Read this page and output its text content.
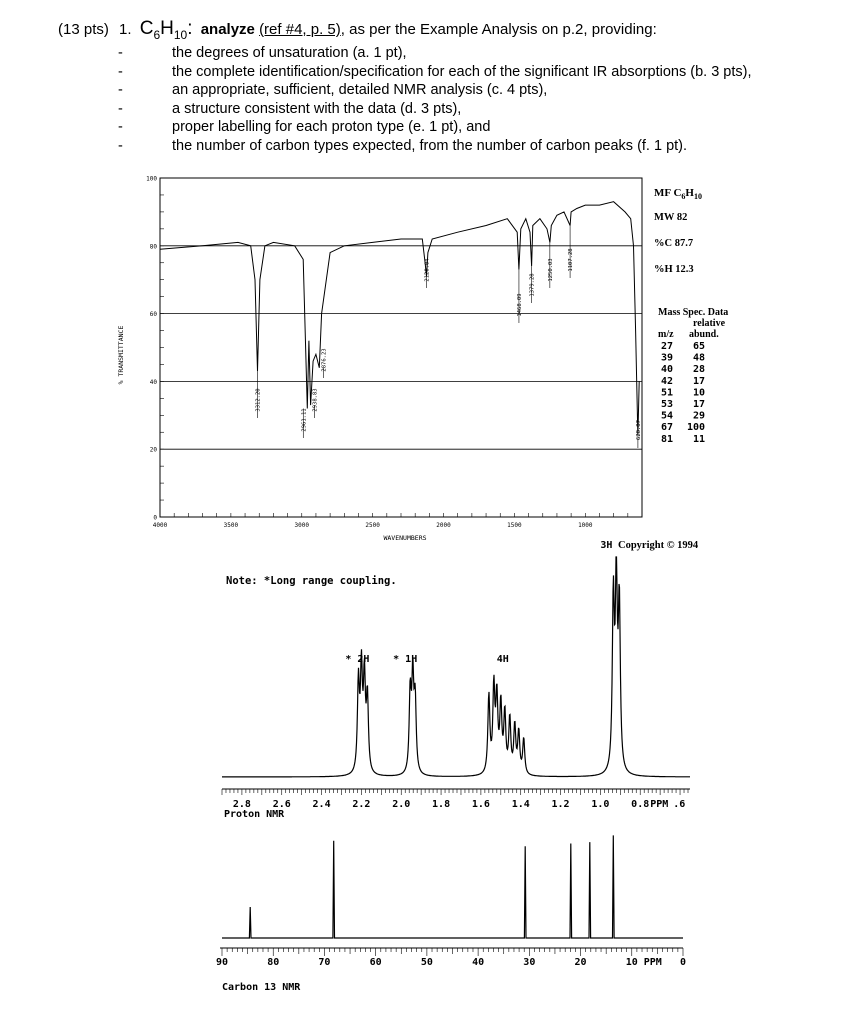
(13 pts) 1. $C_6H_{10}$: analyze (ref #4, p. 5), as per the Example Analysis on p.2, providing:
-	the degrees of unsaturation (a. 1 pt),
-	the complete identification/specification for each of the significant IR absorptions (b. 3 pts),
-	an appropriate, sufficient, detailed NMR analysis (c. 4 pts),
-	a structure consistent with the data (d. 3 pts),
-	proper labelling for each proton type (e. 1 pt), and
-	the number of carbon types expected, from the number of carbon peaks (f. 1 pt).
100
80
60
40
20
0
4000	3500	3000	2500	2000	1500	1000
3312.20
2961.11
2938.83
2876.23
2120.04
1468.09
1379.28
1250.03	1107.28
628.87
% TRANSMITTANCE
WAVENUMBERS
MF $C_6H_{10}$
MW 82
%C 87.7
%H 12.3
Mass Spec. Data
relative
m/z abund.
27 65
39 48
40 28
42 17
51 10
53 17
54 29
67 100
81 11
Copyright © 1994
Note: *Long range coupling.
* 2H * 1H	4H
3H
2.8 2.6 2.4 2.2 2.0 1.8 1.6 1.4 1.2 1.0 0.8 PPM .6
Proton NMR
90	80	70	60	50	40	30	20	10 PPM 0
Carbon 13 NMR
